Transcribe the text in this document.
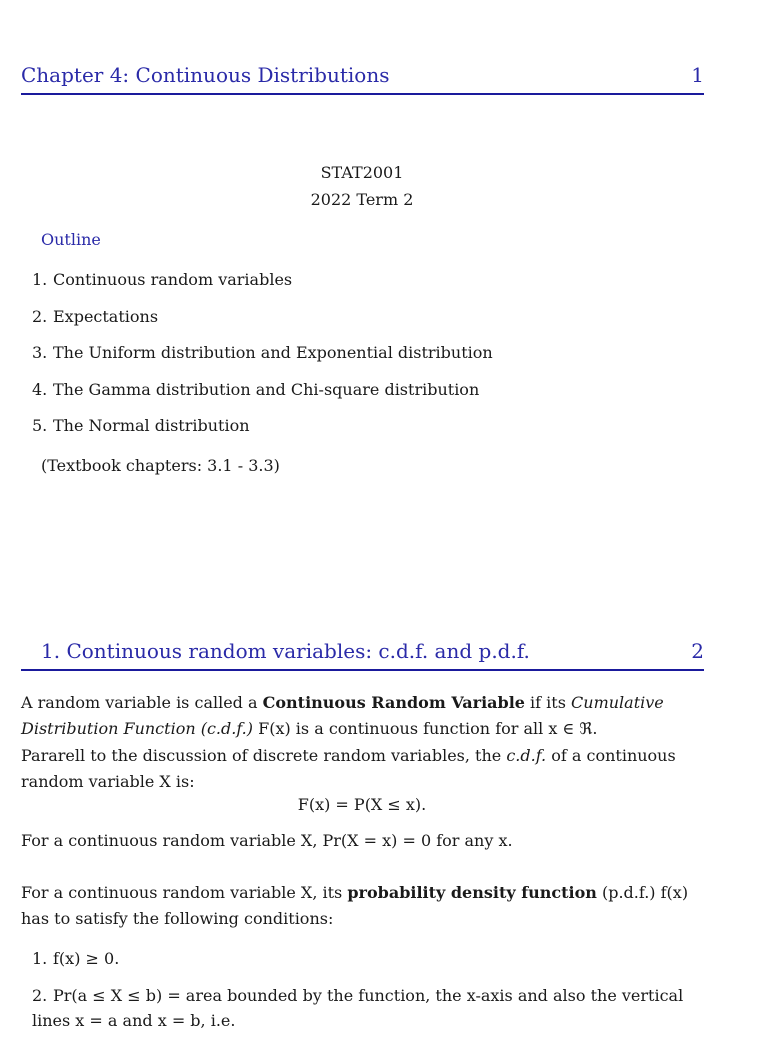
Chapter 4: Continuous Distributions	1
STAT2001
2022 Term 2
Outline
1. Continuous random variables
2. Expectations
3. The Uniform distribution and Exponential distribution
4. The Gamma distribution and Chi-square distribution
5. The Normal distribution
(Textbook chapters: 3.1 - 3.3)
1. Continuous random variables: c.d.f. and p.d.f.	2
A random variable is called a Continuous Random Variable if its Cumulative Distribution Function (c.d.f.) F(x) is a continuous function for all x ∈ ℜ.
Pararell to the discussion of discrete random variables, the c.d.f. of a continuous random variable X is:
F(x) = P(X ≤ x).
For a continuous random variable X, Pr(X = x) = 0 for any x.
For a continuous random variable X, its probability density function (p.d.f.) f(x) has to satisfy the following conditions:
1. f(x) ≥ 0.
2. Pr(a ≤ X ≤ b) = area bounded by the function, the x-axis and also the vertical lines x = a and x = b, i.e.
